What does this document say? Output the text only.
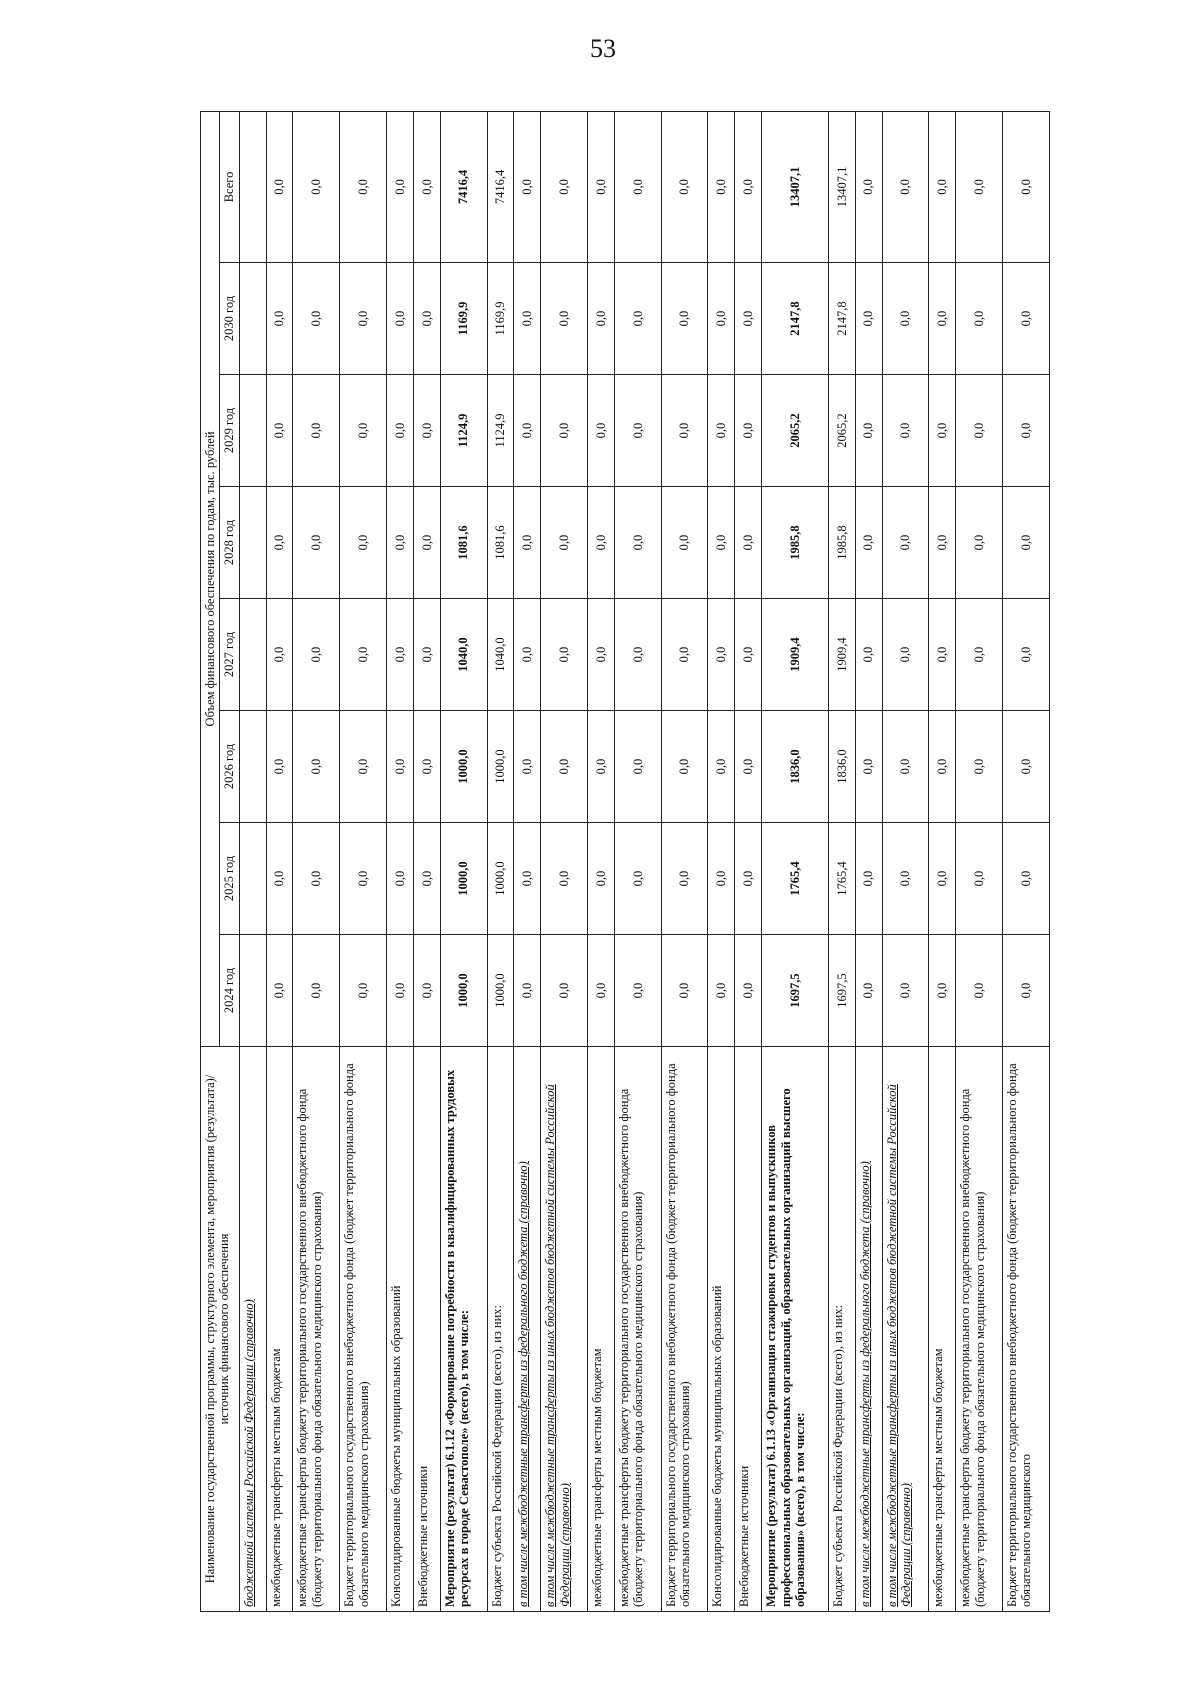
53
Наименование государственной программы, структурного элемента, мероприятия (результата)/источник финансового обеспечения	Объем финансового обеспечения по годам, тыс. рублей							
	2024 год	2025 год	2026 год	2027 год	2028 год	2029 год	2030 год	Всего
бюджетной системы Российской Федерации (справочно)								
межбюджетные трансферты местным бюджетам	0,0	0,0	0,0	0,0	0,0	0,0	0,0	0,0
межбюджетные трансферты бюджету территориального государственного внебюджетного фонда (бюджету территориального фонда обязательного медицинского страхования)	0,0	0,0	0,0	0,0	0,0	0,0	0,0	0,0
Бюджет территориального государственного внебюджетного фонда (бюджет территориального фонда обязательного медицинского страхования)	0,0	0,0	0,0	0,0	0,0	0,0	0,0	0,0
Консолидированные бюджеты муниципальных образований	0,0	0,0	0,0	0,0	0,0	0,0	0,0	0,0
Внебюджетные источники	0,0	0,0	0,0	0,0	0,0	0,0	0,0	0,0
Мероприятие (результат) 6.1.12 «Формирование потребности в квалифицированных трудовых ресурсах в городе Севастополе» (всего), в том числе:	1000,0	1000,0	1000,0	1040,0	1081,6	1124,9	1169,9	7416,4
Бюджет субъекта Российской Федерации (всего), из них:	1000,0	1000,0	1000,0	1040,0	1081,6	1124,9	1169,9	7416,4
в том числе межбюджетные трансферты из федерального бюджета (справочно)	0,0	0,0	0,0	0,0	0,0	0,0	0,0	0,0
в том числе межбюджетные трансферты из иных бюджетов бюджетной системы Российской Федерации (справочно)	0,0	0,0	0,0	0,0	0,0	0,0	0,0	0,0
межбюджетные трансферты местным бюджетам	0,0	0,0	0,0	0,0	0,0	0,0	0,0	0,0
межбюджетные трансферты бюджету территориального государственного внебюджетного фонда (бюджету территориального фонда обязательного медицинского страхования)	0,0	0,0	0,0	0,0	0,0	0,0	0,0	0,0
Бюджет территориального государственного внебюджетного фонда (бюджет территориального фонда обязательного медицинского страхования)	0,0	0,0	0,0	0,0	0,0	0,0	0,0	0,0
Консолидированные бюджеты муниципальных образований	0,0	0,0	0,0	0,0	0,0	0,0	0,0	0,0
Внебюджетные источники	0,0	0,0	0,0	0,0	0,0	0,0	0,0	0,0
Мероприятие (результат) 6.1.13 «Организация стажировки студентов и выпускников профессиональных образовательных организаций, образовательных организаций высшего образования» (всего), в том числе:	1697,5	1765,4	1836,0	1909,4	1985,8	2065,2	2147,8	13407,1
Бюджет субъекта Российской Федерации (всего), из них:	1697,5	1765,4	1836,0	1909,4	1985,8	2065,2	2147,8	13407,1
в том числе межбюджетные трансферты из федерального бюджета (справочно)	0,0	0,0	0,0	0,0	0,0	0,0	0,0	0,0
в том числе межбюджетные трансферты из иных бюджетов бюджетной системы Российской Федерации (справочно)	0,0	0,0	0,0	0,0	0,0	0,0	0,0	0,0
межбюджетные трансферты местным бюджетам	0,0	0,0	0,0	0,0	0,0	0,0	0,0	0,0
межбюджетные трансферты бюджету территориального государственного внебюджетного фонда (бюджету территориального фонда обязательного медицинского страхования)	0,0	0,0	0,0	0,0	0,0	0,0	0,0	0,0
Бюджет территориального государственного внебюджетного фонда (бюджет территориального фонда обязательного медицинского	0,0	0,0	0,0	0,0	0,0	0,0	0,0	0,0
